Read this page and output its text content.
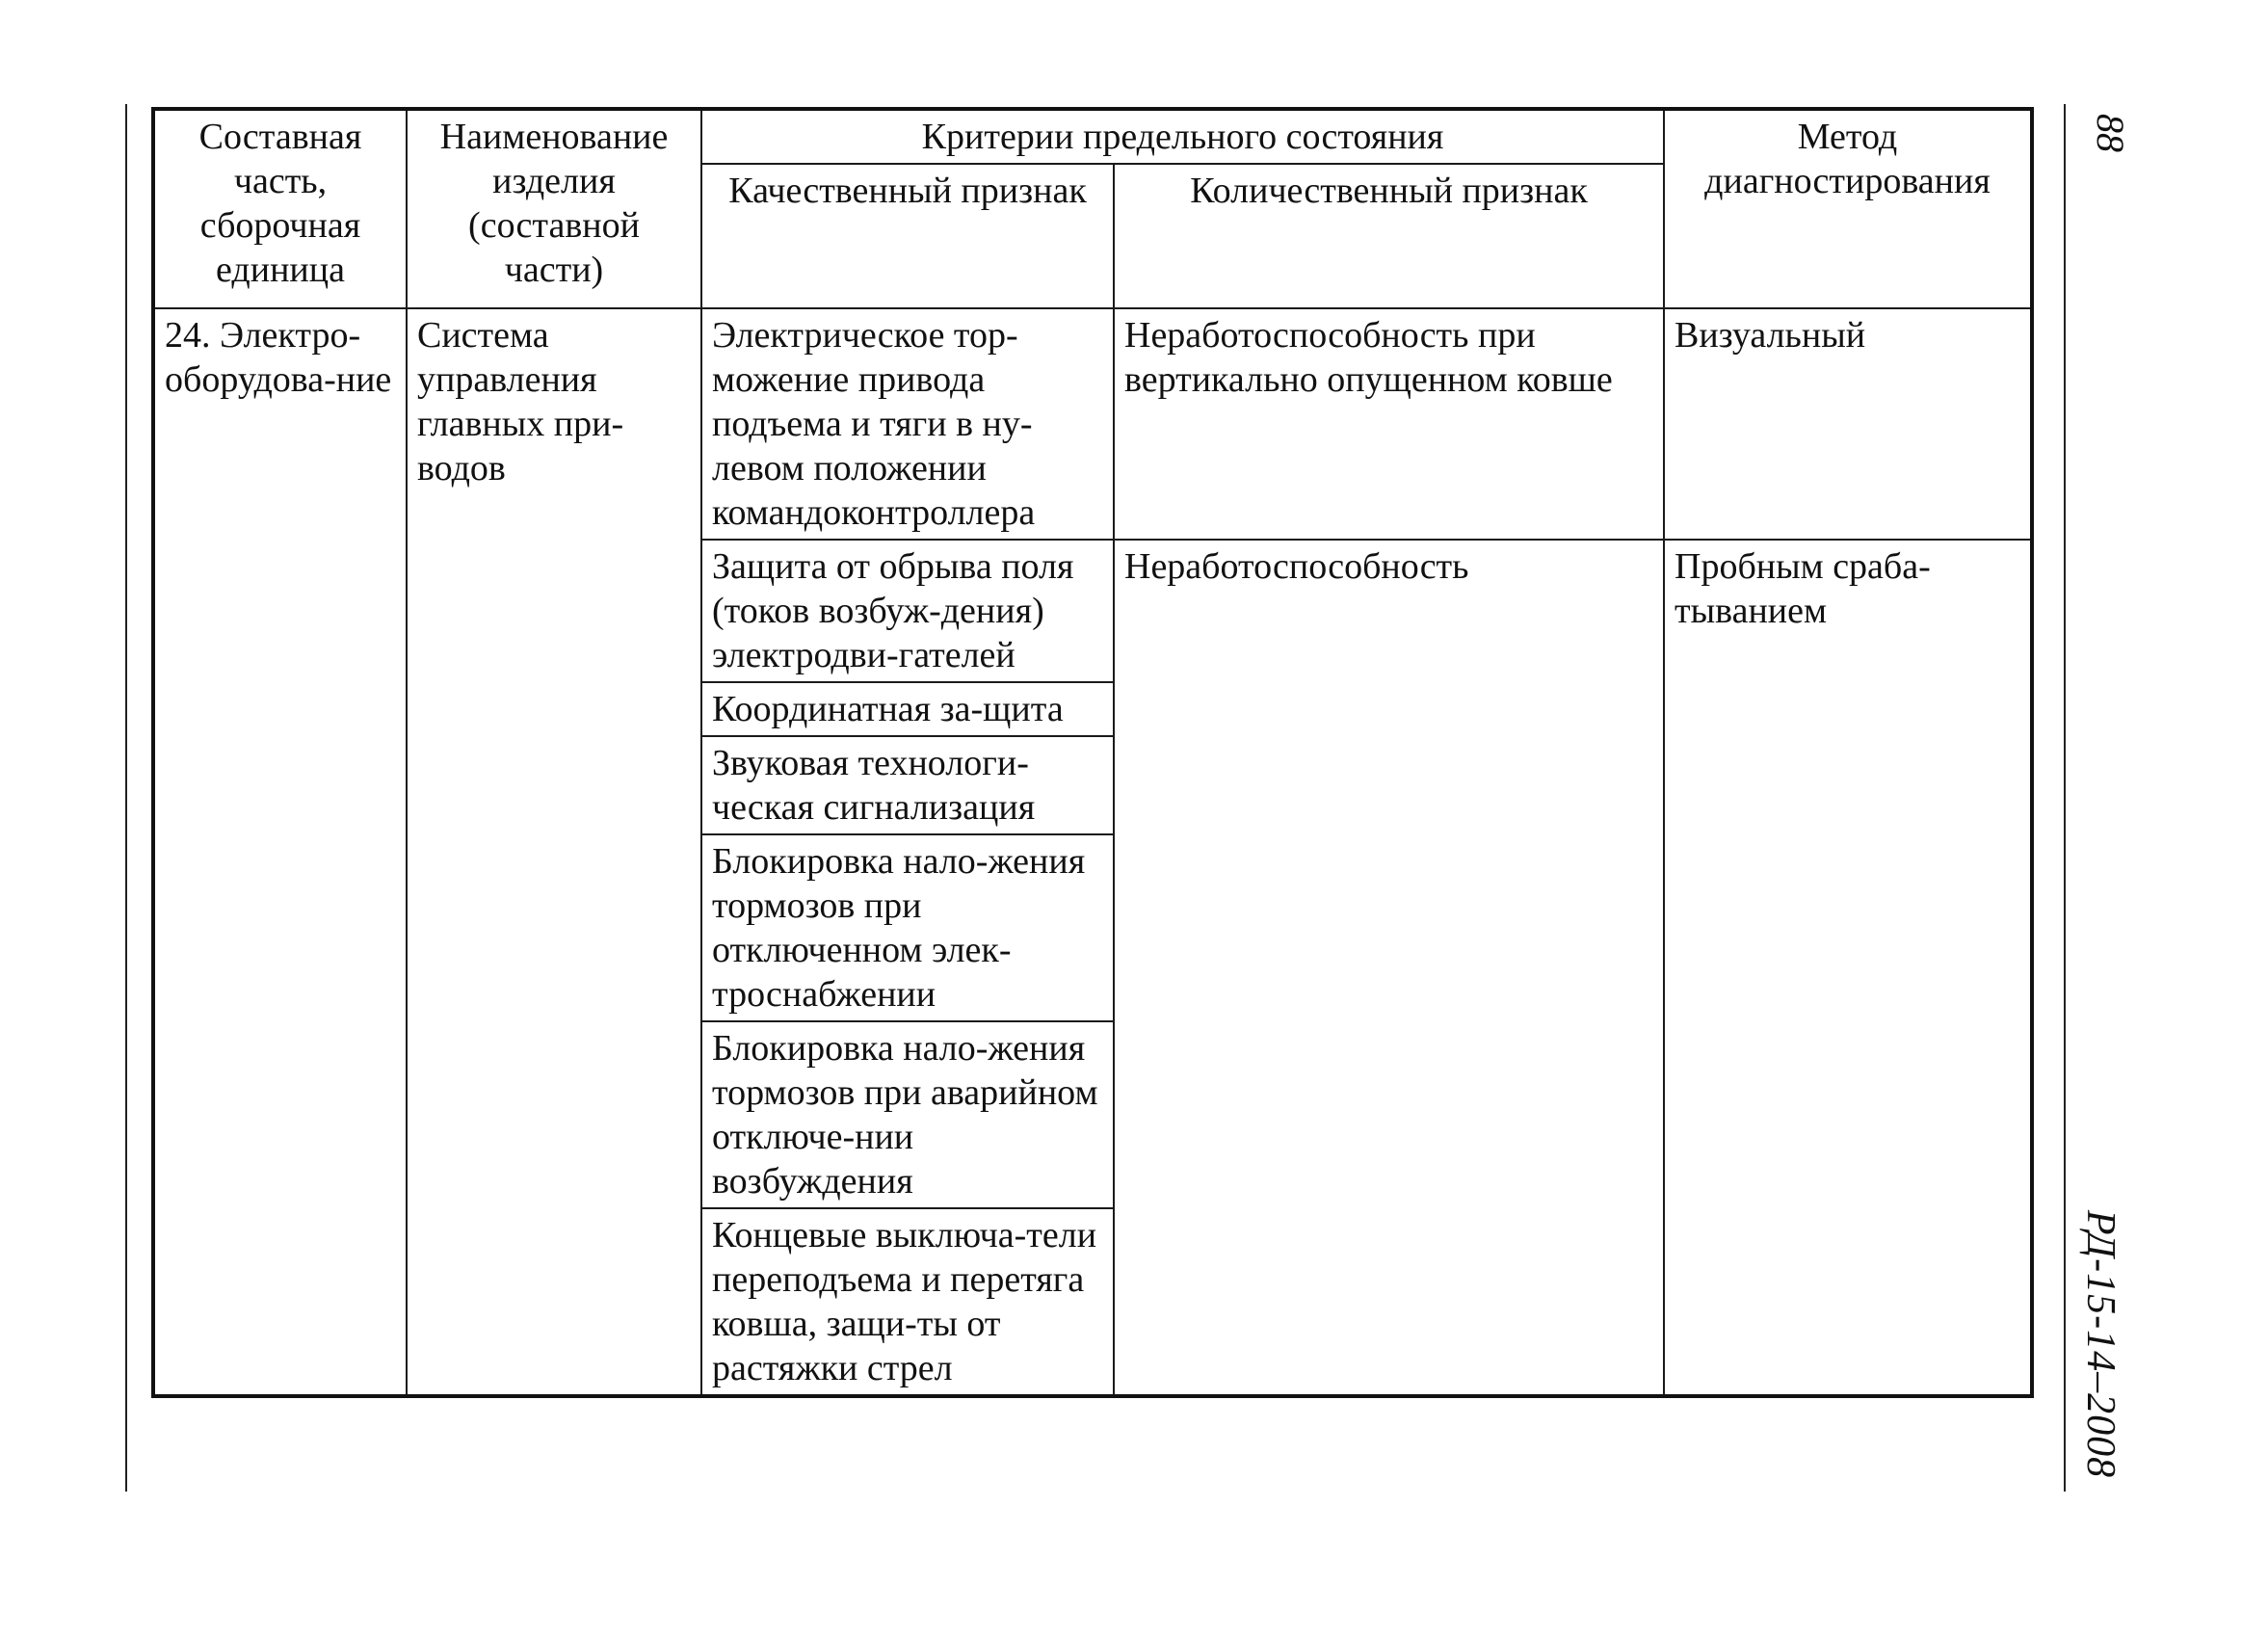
88
РД-15-14–2008
Составная часть, сборочная единица	Наименование изделия (составной части)	Критерии предельного состояния		Метод диагностирования
		Качественный признак	Количественный признак	
24. Электро-оборудова-ние	Система управления главных при-водов	Электрическое тор-можение привода подъема и тяги в ну-левом положении командоконтроллера	Неработоспособность при вертикально опущенном ковше	Визуальный
		Защита от обрыва поля (токов возбуж-дения) электродви-гателей	Неработоспособность	Пробным сраба-тыванием
		Координатная за-щита		
		Звуковая технологи-ческая сигнализация		
		Блокировка нало-жения тормозов при отключенном элек-троснабжении		
		Блокировка нало-жения тормозов при аварийном отключе-нии возбуждения		
		Концевые выключа-тели переподъема и перетяга ковша, защи-ты от растяжки стрел		
